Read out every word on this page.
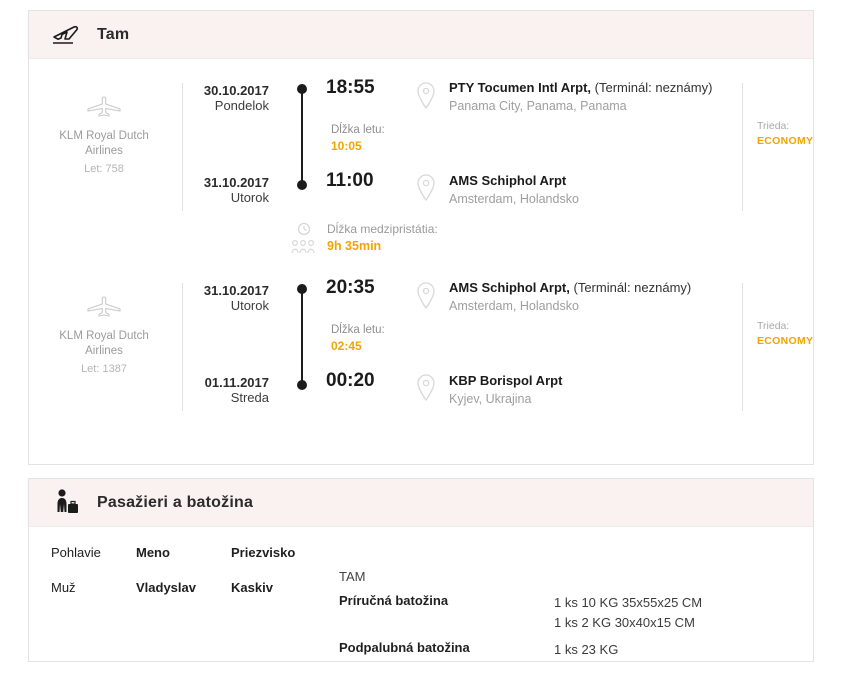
Tam
KLM Royal Dutch
Airlines
Let: 758
30.10.2017
Pondelok
31.10.2017
Utorok
18:55
11:00
Dĺžka letu:
10:05
PTY Tocumen Intl Arpt, (Terminál: neznámy)
Panama City, Panama, Panama
AMS Schiphol Arpt
Amsterdam, Holandsko
Trieda:
ECONOMY
Dĺžka medzipristátia:
9h 35min
KLM Royal Dutch
Airlines
Let: 1387
31.10.2017
Utorok
01.11.2017
Streda
20:35
00:20
Dĺžka letu:
02:45
AMS Schiphol Arpt, (Terminál: neznámy)
Amsterdam, Holandsko
KBP Borispol Arpt
Kyjev, Ukrajina
Trieda:
ECONOMY
Pasažieri a batožina
Pohlavie
Muž
Meno
Vladyslav
Priezvisko
Kaskiv
TAM
Príručná batožina	1 ks 10 KG 35x55x25 CM
1 ks 2 KG 30x40x15 CM
Podpalubná batožina	1 ks 23 KG
